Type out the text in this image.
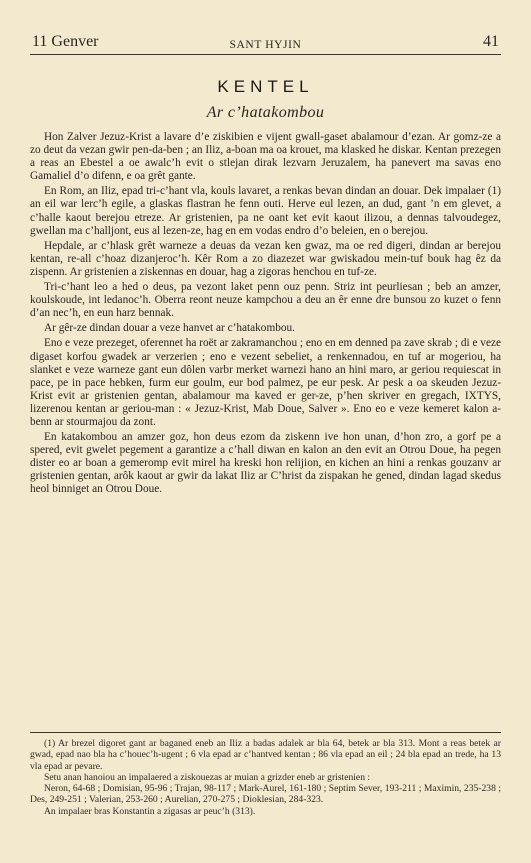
11 Genver	SANT HYJIN	41
KENTEL
Ar c’hatakombou

Hon Zalver Jezuz-Krist a lavare d’e ziskibien e vijent gwall-gaset abalamour d’ezan. Ar gomz-ze a zo deut da vezan gwir pen-da-ben ; an Iliz, a-boan ma oa krouet, ma klasked he diskar. Kentan prezegen a reas an Ebestel a oe awalc’h evit o stlejan dirak lezvarn Jeruzalem, ha panevert ma savas eno Gamaliel d’o difenn, e oa grêt gante.

En Rom, an Iliz, epad tri-c’hant vla, kouls lavaret, a renkas bevan dindan an douar. Dek impalaer (1) an eil war lerc’h egile, a glaskas flastran he fenn outi. Herve eul lezen, an dud, gant ’n em glevet, a c’halle kaout berejou etreze. Ar gristenien, pa ne oant ket evit kaout ilizou, a dennas talvoudegez, gwellan ma c’halljont, eus al lezen-ze, hag en em vodas endro d’o beleien, en o berejou.

Hepdale, ar c’hlask grêt warneze a deuas da vezan ken gwaz, ma oe red digeri, dindan ar berejou kentan, re-all c’hoaz dizanjeroc’h. Kêr Rom a zo diazezet war gwiskadou mein-tuf bouk hag êz da zispenn. Ar gristenien a ziskennas en douar, hag a zigoras henchou en tuf-ze.

Tri-c’hant leo a hed o deus, pa vezont laket penn ouz penn. Striz int peurliesan ; beb an amzer, koulskoude, int ledanoc’h. Oberra reont neuze kampchou a deu an êr enne dre bunsou zo kuzet o fenn d’an nec’h, en eun harz bennak.

Ar gêr-ze dindan douar a veze hanvet ar c’hatakombou.

Eno e veze prezeget, oferennet ha roët ar zakramanchou ; eno en em denned pa zave skrab ; di e veze digaset korfou gwadek ar verzerien ; eno e vezent sebeliet, a renkennadou, en tuf ar mogeriou, ha slanket e veze warneze gant eun dôlen varbr merket warnezi hano an hini maro, ar geriou requiescat in pace, pe in pace hebken, furm eur goulm, eur bod palmez, pe eur pesk. Ar pesk a oa skeuden Jezuz-Krist evit ar gristenien gentan, abalamour ma kaved er ger-ze, p’hen skriver en gregach, IXTYS, lizerenou kentan ar geriou-man : « Jezuz-Krist, Mab Doue, Salver ». Eno eo e veze kemeret kalon a-benn ar stourmajou da zont.

En katakombou an amzer goz, hon deus ezom da ziskenn ive hon unan, d’hon zro, a gorf pe a spered, evit gwelet pegement a garantize a c’hall diwan en kalon an den evit an Otrou Doue, ha pegen dister eo ar boan a gemeromp evit mirel ha kreski hon relijion, en kichen an hini a renkas gouzanv ar gristenien gentan, arôk kaout ar gwir da lakat Iliz ar C’hrist da zispakan he gened, dindan lagad skedus heol binniget an Otrou Doue.

(1) Ar brezel digoret gant ar baganed eneb an Iliz a badas adalek ar bla 64, betek ar bla 313. Mont a reas betek ar gwad, epad nao bla ha c’houec’h-ugent ; 6 vla epad ar c’hantved kentan ; 86 vla epad an eil ; 24 bla epad an trede, ha 13 vla epad ar pevare.

Setu anan hanoiou an impalaered a ziskouezas ar muian a grizder eneb ar gristenien :

Neron, 64-68 ; Domisian, 95-96 ; Trajan, 98-117 ; Mark-Aurel, 161-180 ; Septim Sever, 193-211 ; Maximin, 235-238 ; Des, 249-251 ; Valerian, 253-260 ; Aurelian, 270-275 ; Dioklesian, 284-323.

An impalaer bras Konstantin a zigasas ar peuc’h (313).
